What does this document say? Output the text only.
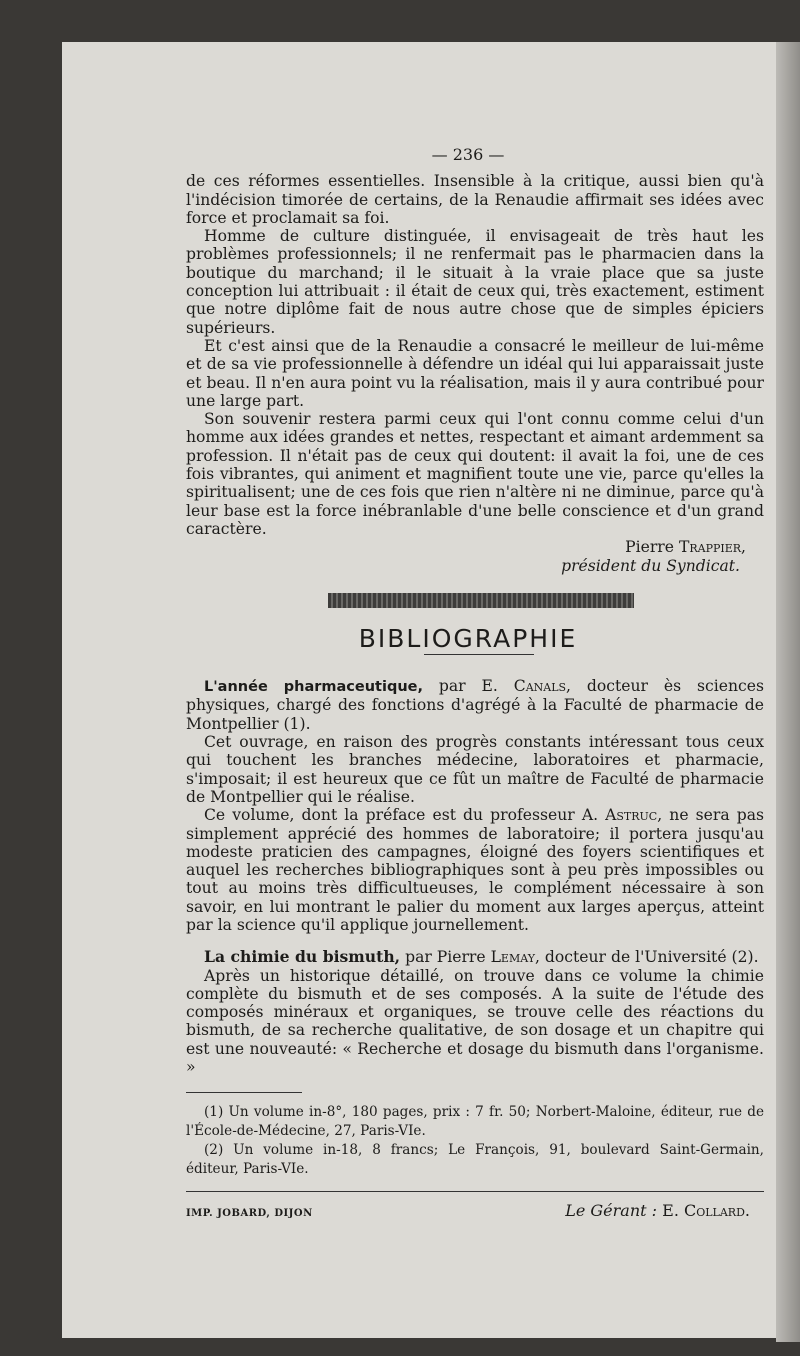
— 236 —

de ces réformes essentielles. Insensible à la critique, aussi bien qu'à l'indécision timorée de certains, de la Renaudie affirmait ses idées avec force et proclamait sa foi.

Homme de culture distinguée, il envisageait de très haut les problèmes professionnels; il ne renfermait pas le pharmacien dans la boutique du marchand; il le situait à la vraie place que sa juste conception lui attribuait : il était de ceux qui, très exactement, estiment que notre diplôme fait de nous autre chose que de simples épiciers supérieurs.

Et c'est ainsi que de la Renaudie a consacré le meilleur de lui-même et de sa vie professionnelle à défendre un idéal qui lui apparaissait juste et beau. Il n'en aura point vu la réalisation, mais il y aura contribué pour une large part.

Son souvenir restera parmi ceux qui l'ont connu comme celui d'un homme aux idées grandes et nettes, respectant et aimant ardemment sa profession. Il n'était pas de ceux qui doutent: il avait la foi, une de ces fois vibrantes, qui animent et magnifient toute une vie, parce qu'elles la spiritualisent; une de ces fois que rien n'altère ni ne diminue, parce qu'à leur base est la force inébranlable d'une belle conscience et d'un grand caractère.

Pierre Trappier,
président du Syndicat.
BIBLIOGRAPHIE

L'année pharmaceutique, par E. Canals, docteur ès sciences physiques, chargé des fonctions d'agrégé à la Faculté de pharmacie de Montpellier (1).

Cet ouvrage, en raison des progrès constants intéressant tous ceux qui touchent les branches médecine, laboratoires et pharmacie, s'imposait; il est heureux que ce fût un maître de Faculté de pharmacie de Montpellier qui le réalise.

Ce volume, dont la préface est du professeur A. Astruc, ne sera pas simplement apprécié des hommes de laboratoire; il portera jusqu'au modeste praticien des campagnes, éloigné des foyers scientifiques et auquel les recherches bibliographiques sont à peu près impossibles ou tout au moins très difficultueuses, le complément nécessaire à son savoir, en lui montrant le palier du moment aux larges aperçus, atteint par la science qu'il applique journellement.

La chimie du bismuth, par Pierre Lemay, docteur de l'Université (2).

Après un historique détaillé, on trouve dans ce volume la chimie complète du bismuth et de ses composés. A la suite de l'étude des composés minéraux et organiques, se trouve celle des réactions du bismuth, de sa recherche qualitative, de son dosage et un chapitre qui est une nouveauté: « Recherche et dosage du bismuth dans l'organisme. »

(1) Un volume in-8°, 180 pages, prix : 7 fr. 50; Norbert-Maloine, éditeur, rue de l'École-de-Médecine, 27, Paris-VIe.

(2) Un volume in-18, 8 francs; Le François, 91, boulevard Saint-Germain, éditeur, Paris-VIe.

IMP. JOBARD, DIJON	Le Gérant : E. Collard.
